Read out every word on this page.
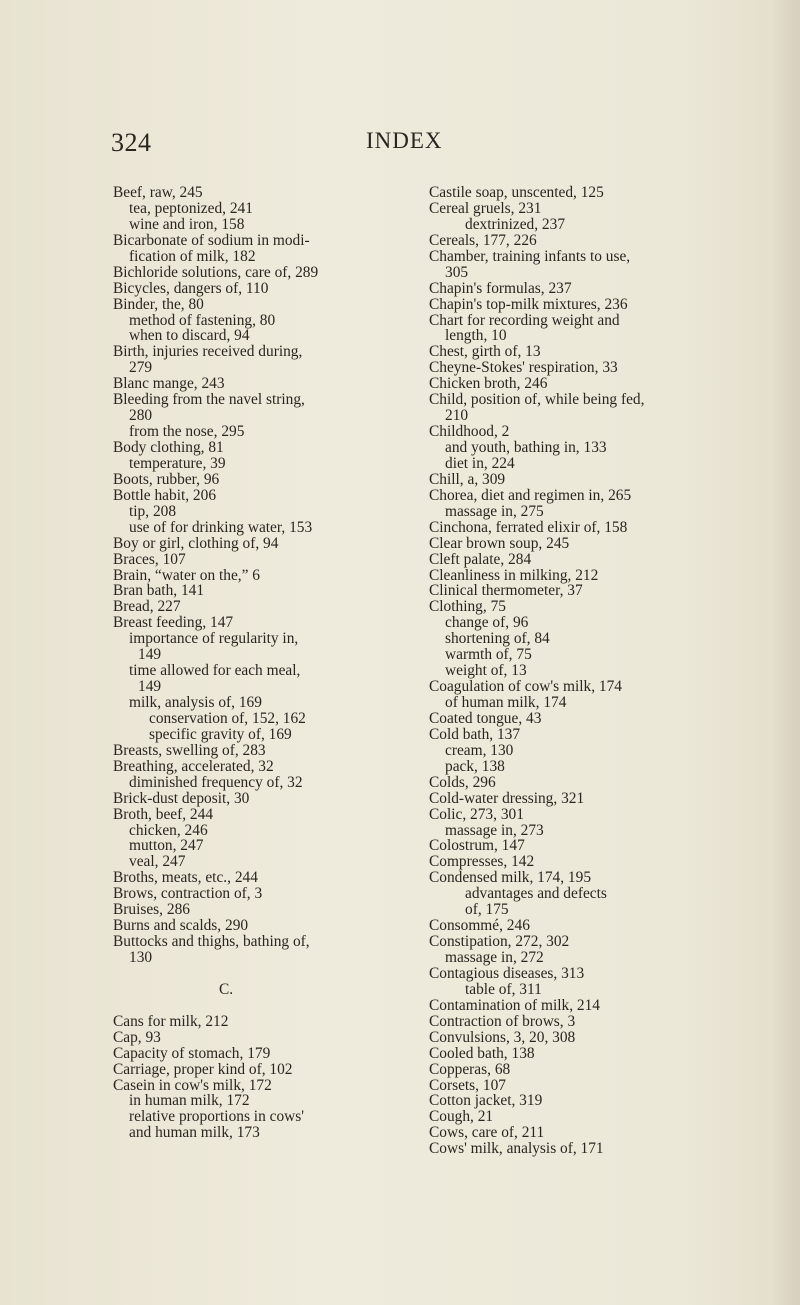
324	INDEX
Beef, raw, 245
tea, peptonized, 241
wine and iron, 158
Bicarbonate of sodium in modi-
fication of milk, 182
Bichloride solutions, care of, 289
Bicycles, dangers of, 110
Binder, the, 80
method of fastening, 80
when to discard, 94
Birth, injuries received during,
279
Blanc mange, 243
Bleeding from the navel string,
280
from the nose, 295
Body clothing, 81
temperature, 39
Boots, rubber, 96
Bottle habit, 206
tip, 208
use of for drinking water, 153
Boy or girl, clothing of, 94
Braces, 107
Brain, “water on the,” 6
Bran bath, 141
Bread, 227
Breast feeding, 147
importance of regularity in,
149
time allowed for each meal,
149
milk, analysis of, 169
conservation of, 152, 162
specific gravity of, 169
Breasts, swelling of, 283
Breathing, accelerated, 32
diminished frequency of, 32
Brick-dust deposit, 30
Broth, beef, 244
chicken, 246
mutton, 247
veal, 247
Broths, meats, etc., 244
Brows, contraction of, 3
Bruises, 286
Burns and scalds, 290
Buttocks and thighs, bathing of,
130
C.
Cans for milk, 212
Cap, 93
Capacity of stomach, 179
Carriage, proper kind of, 102
Casein in cow's milk, 172
in human milk, 172
relative proportions in cows'
and human milk, 173
Castile soap, unscented, 125
Cereal gruels, 231
dextrinized, 237
Cereals, 177, 226
Chamber, training infants to use,
305
Chapin's formulas, 237
Chapin's top-milk mixtures, 236
Chart for recording weight and
length, 10
Chest, girth of, 13
Cheyne-Stokes' respiration, 33
Chicken broth, 246
Child, position of, while being fed,
210
Childhood, 2
and youth, bathing in, 133
diet in, 224
Chill, a, 309
Chorea, diet and regimen in, 265
massage in, 275
Cinchona, ferrated elixir of, 158
Clear brown soup, 245
Cleft palate, 284
Cleanliness in milking, 212
Clinical thermometer, 37
Clothing, 75
change of, 96
shortening of, 84
warmth of, 75
weight of, 13
Coagulation of cow's milk, 174
of human milk, 174
Coated tongue, 43
Cold bath, 137
cream, 130
pack, 138
Colds, 296
Cold-water dressing, 321
Colic, 273, 301
massage in, 273
Colostrum, 147
Compresses, 142
Condensed milk, 174, 195
advantages and defects
of, 175
Consommé, 246
Constipation, 272, 302
massage in, 272
Contagious diseases, 313
table of, 311
Contamination of milk, 214
Contraction of brows, 3
Convulsions, 3, 20, 308
Cooled bath, 138
Copperas, 68
Corsets, 107
Cotton jacket, 319
Cough, 21
Cows, care of, 211
Cows' milk, analysis of, 171
